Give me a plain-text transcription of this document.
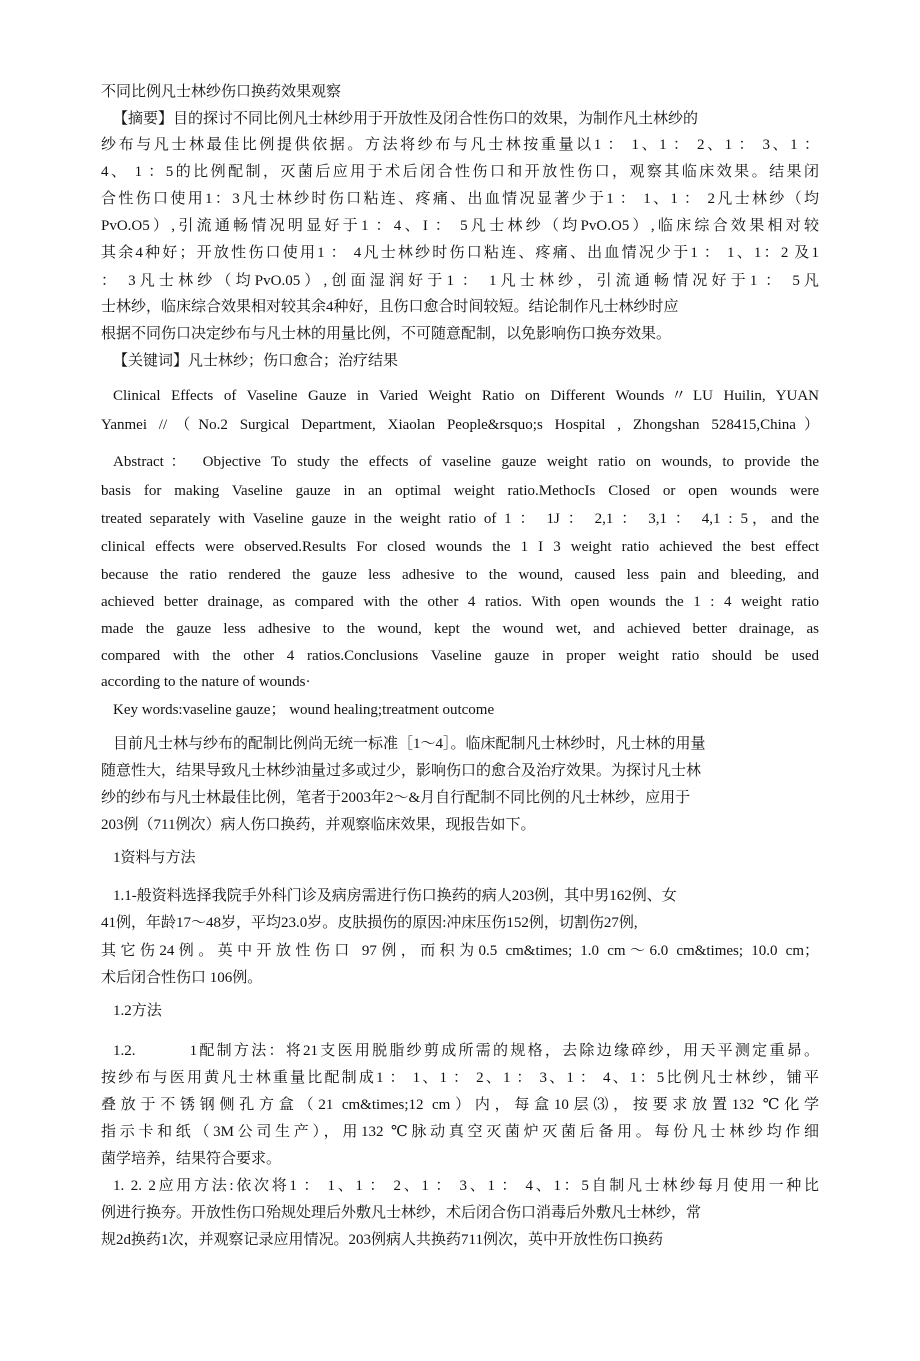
不同比例凡士林纱伤口换药效果观察
【摘要】目的探讨不同比例凡士林纱用于开放性及闭合性伤口的效果，为制作凡土林纱的
纱布与凡士林最佳比例提供依据。方法将纱布与凡士林按重量以1 ： 1、1 ： 2、1 ： 3、1 ：
4、 1 ：5的比例配制，灭菌后应用于术后闭合性伤口和开放性伤口，观察其临床效果。结果闭
合性伤口使用1：3凡士林纱时伤口粘连、疼痛、出血情况显著少于1 ： 1、1 ： 2凡士林纱（均
PvO.O5）,引流通畅情况明显好于1 ：4、I ： 5凡士林纱（均PvO.O5）,临床综合效果相对较
其余4种好；开放性伤口使用1 ： 4凡士林纱时伤口粘连、疼痛、出血情况少于1 ： 1、1：2 及1
： 3凡士林纱（均PvO.05）,创面湿润好于1 ： 1凡士林纱，引流通畅情况好于1 ： 5凡
士林纱，临床综合效果相对较其余4种好，且伤口愈合时间较短。结论制作凡士林纱时应
根据不同伤口决定纱布与凡士林的用量比例，不可随意配制，以免影响伤口换夯效果。
【关键词】凡士林纱；伤口愈合；治疗结果
Clinical Effects of Vaseline Gauze in Varied Weight Ratio on Different Wounds〃LU Huilin, YUAN
Yanmei //（No.2 Surgical Department, Xiaolan People&rsquo;s Hospital , Zhongshan 528415,China）
Abstract： Objective To study the effects of vaseline gauze weight ratio on wounds, to provide the
basis for making Vaseline gauze in an optimal weight ratio.MethocIs Closed or open wounds were
treated separately with Vaseline gauze in the weight ratio of 1 ： 1J ： 2,1 ： 3,1 ： 4,1 : 5，and the
clinical effects were observed.Results For closed wounds the 1 I 3 weight ratio achieved the best effect
because the ratio rendered the gauze less adhesive to the wound, caused less pain and bleeding, and
achieved better drainage, as compared with the other 4 ratios. With open wounds the 1 : 4 weight ratio
made the gauze less adhesive to the wound, kept the wound wet, and achieved better drainage, as
compared with the other 4 ratios.Conclusions Vaseline gauze in proper weight ratio should be used
according to the nature of wounds·
Key words:vaseline gauze； wound healing;treatment outcome
目前凡士林与纱布的配制比例尚无统一标准［1～4］。临床配制凡士林纱时，凡士林的用量
随意性大，结果导致凡士林纱油量过多或过少，影响伤口的愈合及治疗效果。为探讨凡士林
纱的纱布与凡士林最佳比例，笔者于2003年2～&月自行配制不同比例的凡士林纱，应用于
203例（711例次）病人伤口换药，并观察临床效果，现报告如下。
1资料与方法
1.1-般资料选择我院手外科门诊及病房需进行伤口换药的病人203例，其中男162例、女
41例，年龄17～48岁，平均23.0岁。皮肤损伤的原因:冲床压伤152例，切割伤27例,
其它伤24例。英中开放性伤口 97例，而积为0.5 cm&times; 1.0 cm～6.0 cm&times; 10.0 cm；
术后闭合性伤口 106例。
1.2方法
1.2.　　　1配制方法：将21支医用脱脂纱剪成所需的规格，去除边缘碎纱，用天平测定重昴。
按纱布与医用黄凡士林重量比配制成1 ： 1、1 ： 2、1 ： 3、1 ： 4、1：5比例凡士林纱，铺平
叠放于不锈钢侧孔方盒（21 cm&times;12 cm）内，每盒10层⑶，按要求放置132 ℃化学
指示卡和纸（3M公司生产），用132 ℃脉动真空灭菌炉灭菌后备用。每份凡士林纱均作细
菌学培养，结果符合要求。
1. 2. 2应用方法:依次将1 ： 1、1 ： 2、1 ： 3、1 ： 4、1：5自制凡士林纱每月使用一种比
例进行换夯。开放性伤口殆规处理后外敷凡士林纱，术后闭合伤口消毒后外敷凡士林纱，常
规2d换药1次，并观察记录应用情况。203例病人共换药711例次，英中开放性伤口换药
